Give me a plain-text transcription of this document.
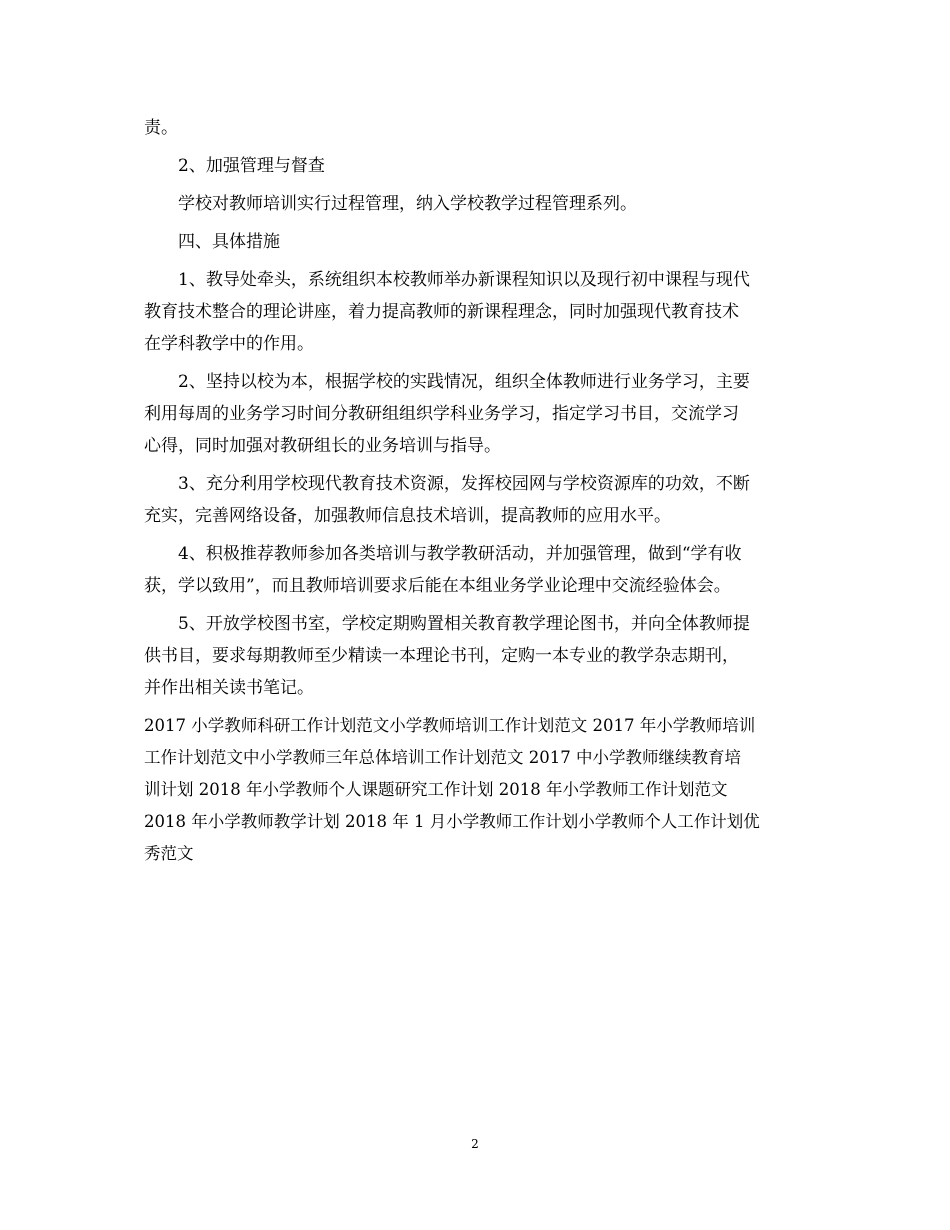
责。
2、加强管理与督查
学校对教师培训实行过程管理，纳入学校教学过程管理系列。
四、具体措施
1、教导处牵头，系统组织本校教师举办新课程知识以及现行初中课程与现代
教育技术整合的理论讲座，着力提高教师的新课程理念，同时加强现代教育技术
在学科教学中的作用。
2、坚持以校为本，根据学校的实践情况，组织全体教师进行业务学习，主要
利用每周的业务学习时间分教研组组织学科业务学习，指定学习书目，交流学习
心得，同时加强对教研组长的业务培训与指导。
3、充分利用学校现代教育技术资源，发挥校园网与学校资源库的功效，不断
充实，完善网络设备，加强教师信息技术培训，提高教师的应用水平。
4、积极推荐教师参加各类培训与教学教研活动，并加强管理，做到“学有收
获，学以致用”，而且教师培训要求后能在本组业务学业论理中交流经验体会。
5、开放学校图书室，学校定期购置相关教育教学理论图书，并向全体教师提
供书目，要求每期教师至少精读一本理论书刊，定购一本专业的教学杂志期刊，
并作出相关读书笔记。
2017 小学教师科研工作计划范文小学教师培训工作计划范文 2017 年小学教师培训
工作计划范文中小学教师三年总体培训工作计划范文 2017 中小学教师继续教育培
训计划 2018 年小学教师个人课题研究工作计划 2018 年小学教师工作计划范文
2018 年小学教师教学计划 2018 年 1 月小学教师工作计划小学教师个人工作计划优
秀范文
2
